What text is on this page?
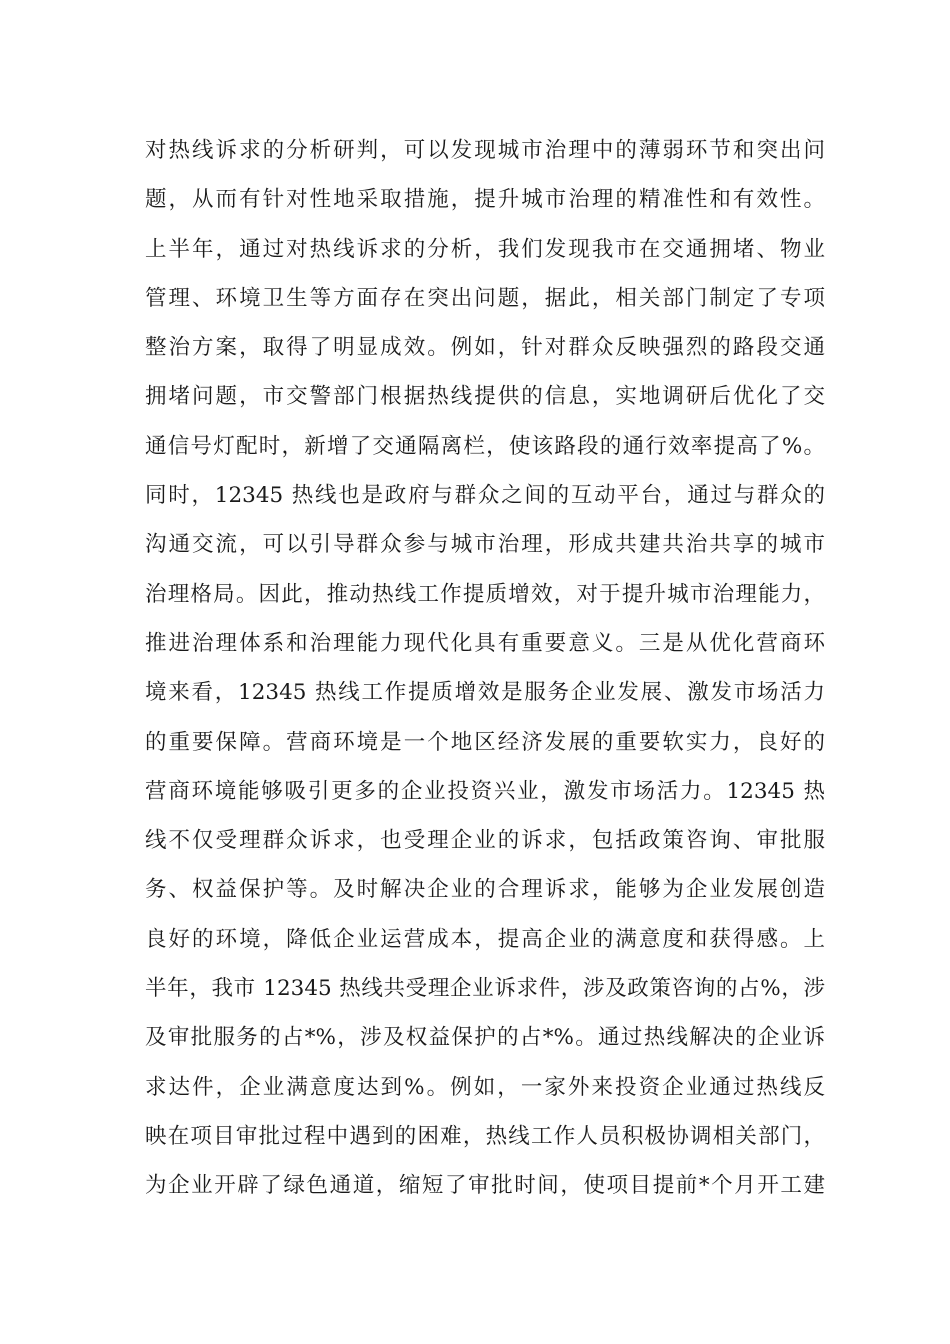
对热线诉求的分析研判，可以发现城市治理中的薄弱环节和突出问
题，从而有针对性地采取措施，提升城市治理的精准性和有效性。
上半年，通过对热线诉求的分析，我们发现我市在交通拥堵、物业
管理、环境卫生等方面存在突出问题，据此，相关部门制定了专项
整治方案，取得了明显成效。例如，针对群众反映强烈的路段交通
拥堵问题，市交警部门根据热线提供的信息，实地调研后优化了交
通信号灯配时，新增了交通隔离栏，使该路段的通行效率提高了%。
同时，12345 热线也是政府与群众之间的互动平台，通过与群众的
沟通交流，可以引导群众参与城市治理，形成共建共治共享的城市
治理格局。因此，推动热线工作提质增效，对于提升城市治理能力，
推进治理体系和治理能力现代化具有重要意义。三是从优化营商环
境来看，12345 热线工作提质增效是服务企业发展、激发市场活力
的重要保障。营商环境是一个地区经济发展的重要软实力，良好的
营商环境能够吸引更多的企业投资兴业，激发市场活力。12345 热
线不仅受理群众诉求，也受理企业的诉求，包括政策咨询、审批服
务、权益保护等。及时解决企业的合理诉求，能够为企业发展创造
良好的环境，降低企业运营成本，提高企业的满意度和获得感。上
半年，我市 12345 热线共受理企业诉求件，涉及政策咨询的占%，涉
及审批服务的占*%，涉及权益保护的占*%。通过热线解决的企业诉
求达件，企业满意度达到%。例如，一家外来投资企业通过热线反
映在项目审批过程中遇到的困难，热线工作人员积极协调相关部门，
为企业开辟了绿色通道，缩短了审批时间，使项目提前*个月开工建
